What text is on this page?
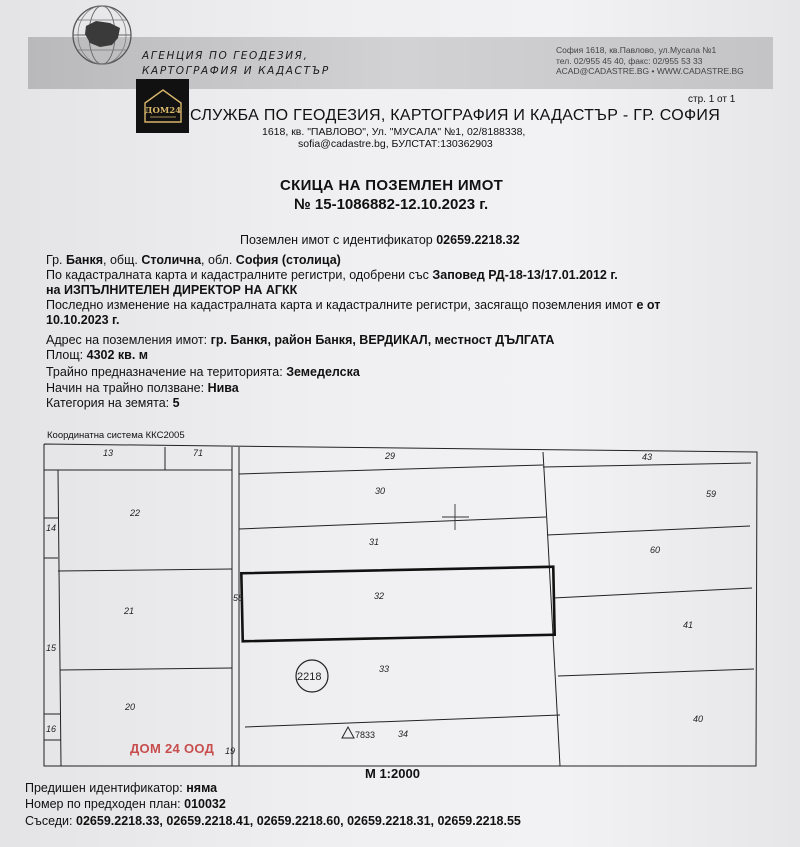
АГЕНЦИЯ ПО ГЕОДЕЗИЯ,
КАРТОГРАФИЯ И КАДАСТЪР
София 1618, кв.Павлово, ул.Мусала №1
тел. 02/955 45 40, факс: 02/955 53 33
ACAD@CADASTRE.BG • WWW.CADASTRE.BG
ДОМ24
стр. 1 от 1
СЛУЖБА ПО ГЕОДЕЗИЯ, КАРТОГРАФИЯ И КАДАСТЪР - ГР. СОФИЯ
1618, кв. "ПАВЛОВО", Ул. "МУСАЛА" №1, 02/8188338,
sofia@cadastre.bg, БУЛСТАТ:130362903
СКИЦА НА ПОЗЕМЛЕН ИМОТ
№ 15-1086882-12.10.2023 г.
Поземлен имот с идентификатор 02659.2218.32
Гр. Банкя, общ. Столична, обл. София (столица)
По кадастралната карта и кадастралните регистри, одобрени със Заповед РД-18-13/17.01.2012 г.
на ИЗПЪЛНИТЕЛЕН ДИРЕКТОР НА АГКК
Последно изменение на кадастралната карта и кадастралните регистри, засягащо поземления имот е от
10.10.2023 г.
Адрес на поземления имот: гр. Банкя, район Банкя, ВЕРДИКАЛ, местност ДЪЛГАТА
Площ: 4302 кв. м
Трайно предназначение на територията: Земеделска
Начин на трайно ползване: Нива
Категория на земята: 5
Координатна система ККС2005
13	71	29	43
30	59
22
14
31
60
32
58
21
41
15
33
20
40
16
19
34
7833
2218
ДОМ 24 ООД
М 1:2000
Предишен идентификатор: няма
Номер по предходен план: 010032
Съседи: 02659.2218.33, 02659.2218.41, 02659.2218.60, 02659.2218.31, 02659.2218.55
